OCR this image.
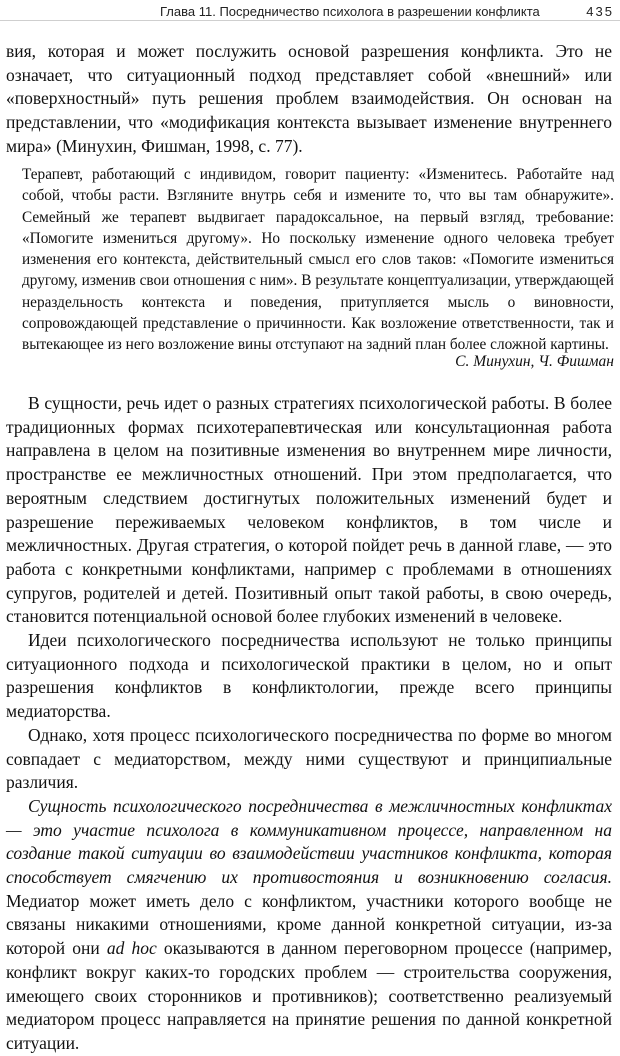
Глава 11. Посредничество психолога в разрешении конфликта	435

вия, которая и может послужить основой разрешения конфликта. Это не означает, что ситуационный подход представляет собой «внешний» или «поверхностный» путь решения проблем взаимодействия. Он основан на представлении, что «модификация контекста вызывает изменение внутреннего мира» (Минухин, Фишман, 1998, с. 77).

Терапевт, работающий с индивидом, говорит пациенту: «Изменитесь. Работайте над собой, чтобы расти. Взгляните внутрь себя и измените то, что вы там обнаружите». Семейный же терапевт выдвигает парадоксальное, на первый взгляд, требование: «Помогите измениться другому». Но поскольку изменение одного человека требует изменения его контекста, действительный смысл его слов таков: «Помогите измениться другому, изменив свои отношения с ним». В результате концептуализации, утверждающей нераздельность контекста и поведения, притупляется мысль о виновности, сопровождающей представление о причинности. Как возложение ответственности, так и вытекающее из него возложение вины отступают на задний план более сложной картины.

С. Минухин, Ч. Фишман

В сущности, речь идет о разных стратегиях психологической работы. В более традиционных формах психотерапевтическая или консультационная работа направлена в целом на позитивные изменения во внутреннем мире личности, пространстве ее межличностных отношений. При этом предполагается, что вероятным следствием достигнутых положительных изменений будет и разрешение переживаемых человеком конфликтов, в том числе и межличностных. Другая стратегия, о которой пойдет речь в данной главе, — это работа с конкретными конфликтами, например с проблемами в отношениях супругов, родителей и детей. Позитивный опыт такой работы, в свою очередь, становится потенциальной основой более глубоких изменений в человеке.

Идеи психологического посредничества используют не только принципы ситуационного подхода и психологической практики в целом, но и опыт разрешения конфликтов в конфликтологии, прежде всего принципы медиаторства.

Однако, хотя процесс психологического посредничества по форме во многом совпадает с медиаторством, между ними существуют и принципиальные различия.

Сущность психологического посредничества в межличностных конфликтах — это участие психолога в коммуникативном процессе, направленном на создание такой ситуации во взаимодействии участников конфликта, которая способствует смягчению их противостояния и возникновению согласия. Медиатор может иметь дело с конфликтом, участники которого вообще не связаны никакими отношениями, кроме данной конкретной ситуации, из-за которой они ad hoc оказываются в данном переговорном процессе (например, конфликт вокруг каких-то городских проблем — строительства сооружения, имеющего своих сторонников и противников); соответственно реализуемый медиатором процесс направляется на принятие решения по данной конкретной ситуации.
